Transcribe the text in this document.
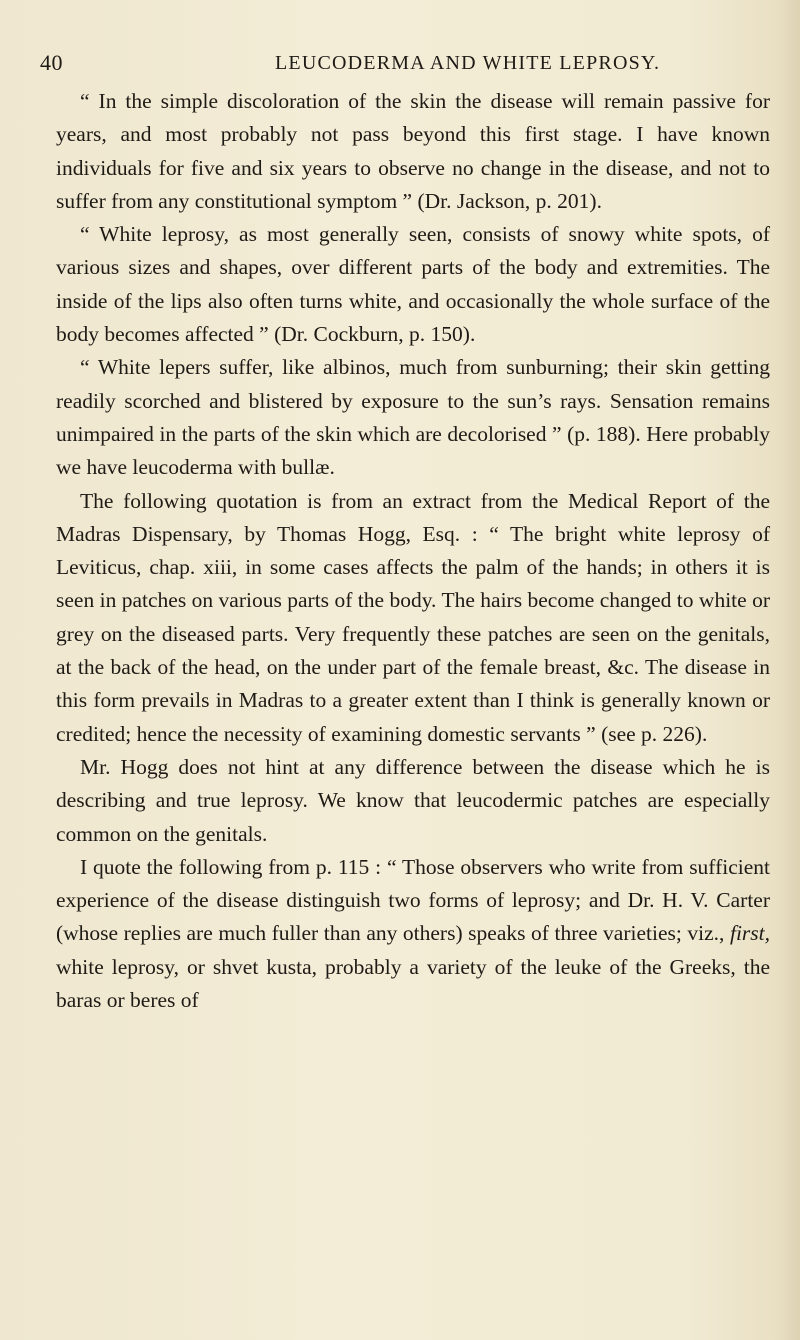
40	LEUCODERMA AND WHITE LEPROSY.

“ In the simple discoloration of the skin the disease will remain passive for years, and most probably not pass beyond this first stage. I have known individuals for five and six years to observe no change in the disease, and not to suffer from any constitutional symptom ” (Dr. Jackson, p. 201).

“ White leprosy, as most generally seen, consists of snowy white spots, of various sizes and shapes, over different parts of the body and extremities. The inside of the lips also often turns white, and occasionally the whole surface of the body becomes affected ” (Dr. Cockburn, p. 150).

“ White lepers suffer, like albinos, much from sunburning; their skin getting readily scorched and blistered by exposure to the sun’s rays. Sensation remains unimpaired in the parts of the skin which are decolorised ” (p. 188). Here probably we have leucoderma with bullæ.

The following quotation is from an extract from the Medical Report of the Madras Dispensary, by Thomas Hogg, Esq. : “ The bright white leprosy of Leviticus, chap. xiii, in some cases affects the palm of the hands; in others it is seen in patches on various parts of the body. The hairs become changed to white or grey on the diseased parts. Very frequently these patches are seen on the genitals, at the back of the head, on the under part of the female breast, &c. The disease in this form prevails in Madras to a greater extent than I think is generally known or credited; hence the necessity of examining domestic servants ” (see p. 226).

Mr. Hogg does not hint at any difference between the disease which he is describing and true leprosy. We know that leucodermic patches are especially common on the genitals.

I quote the following from p. 115 : “ Those observers who write from sufficient experience of the disease distinguish two forms of leprosy; and Dr. H. V. Carter (whose replies are much fuller than any others) speaks of three varieties; viz., first, white leprosy, or shvet kusta, probably a variety of the leuke of the Greeks, the baras or beres of
